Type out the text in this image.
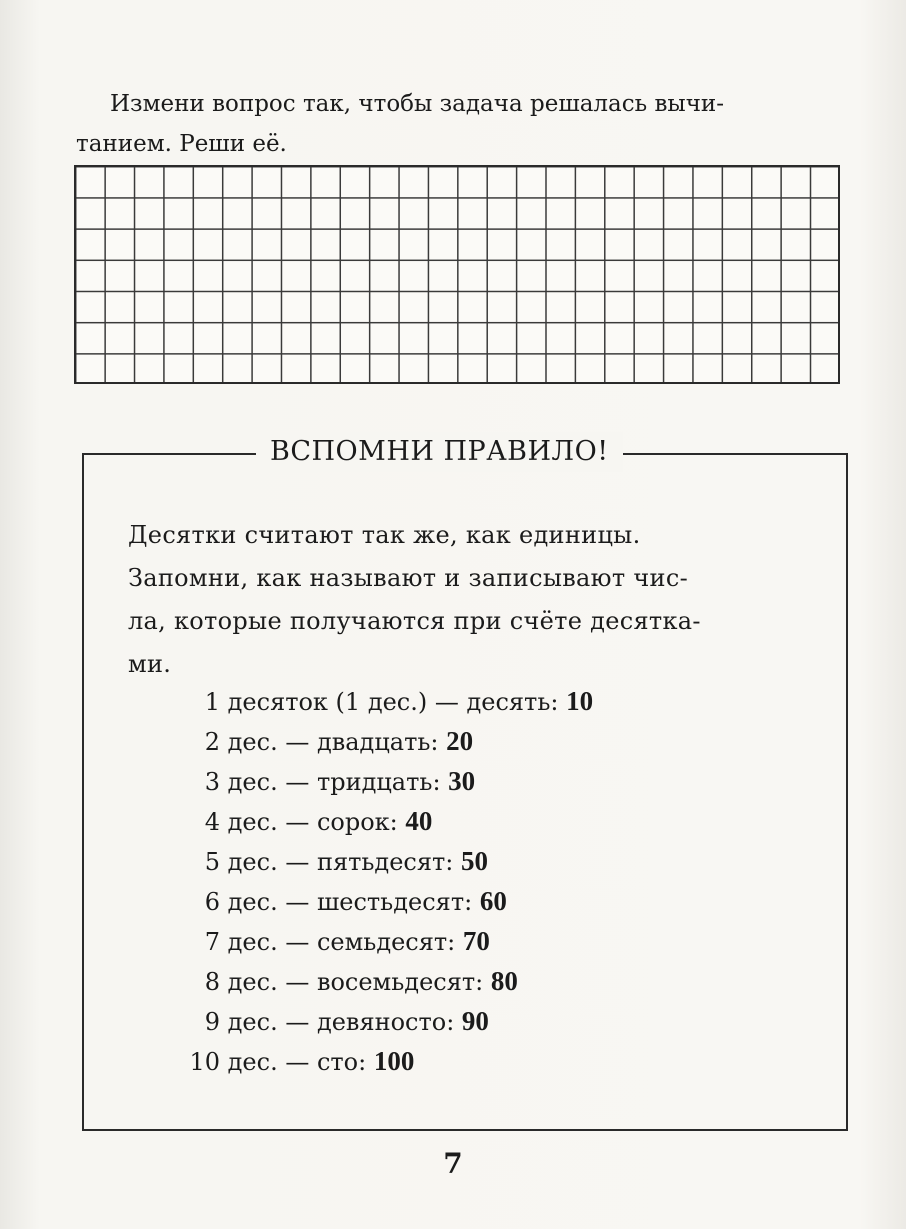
Измени вопрос так, чтобы задача решалась вычи-
танием. Реши её.

ВСПОМНИ ПРАВИЛО!

Десятки считают так же, как единицы.

Запомни, как называют и записывают чис-
ла, которые получаются при счёте десятка-
ми.

1 десяток (1 дес.) — десять: 10
2 дес. — двадцать: 20
3 дес. — тридцать: 30
4 дес. — сорок: 40
5 дес. — пятьдесят: 50
6 дес. — шестьдесят: 60
7 дес. — семьдесят: 70
8 дес. — восемьдесят: 80
9 дес. — девяносто: 90
10 дес. — сто: 100
7
